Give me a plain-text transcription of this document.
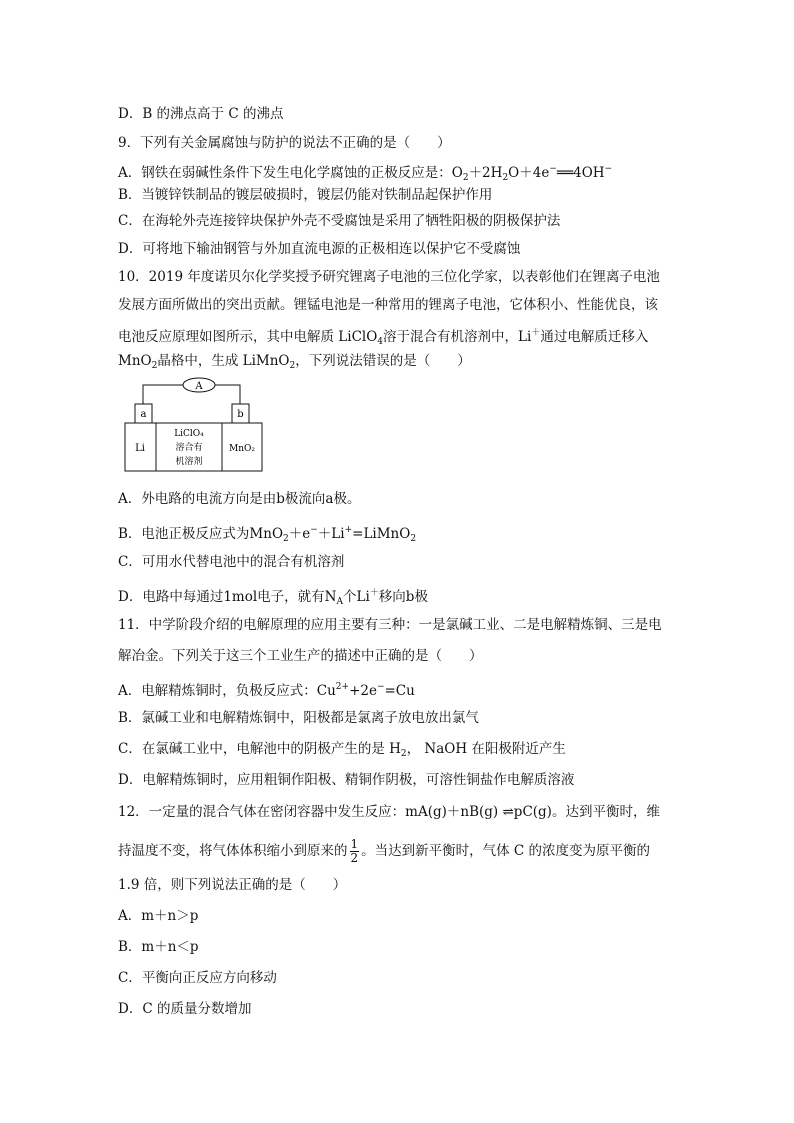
D．B 的沸点高于 C 的沸点
9．下列有关金属腐蚀与防护的说法不正确的是（　　）
A．钢铁在弱碱性条件下发生电化学腐蚀的正极反应是：$O_2+2H_2O+4e^-══4OH^-$
B．当镀锌铁制品的镀层破损时，镀层仍能对铁制品起保护作用
C．在海轮外壳连接锌块保护外壳不受腐蚀是采用了牺牲阳极的阴极保护法
D．可将地下输油钢管与外加直流电源的正极相连以保护它不受腐蚀
10．2019 年度诺贝尔化学奖授予研究锂离子电池的三位化学家，以表彰他们在锂离子电池
发展方面所做出的突出贡献。锂锰电池是一种常用的锂离子电池，它体积小、性能优良，该
电池反应原理如图所示，其中电解质 LiClO$_4$溶于混合有机溶剂中，Li＋通过电解质迁移入
MnO$_2$晶格中，生成 LiMnO$_2$，下列说法错误的是（　　）
A
a	b
Li
LiClO₄
溶合有
机溶剂
MnO₂
A．外电路的电流方向是由b极流向a极。
B．电池正极反应式为MnO$_2$＋e−＋Li+=LiMnO$_2$
C．可用水代替电池中的混合有机溶剂
D．电路中每通过1mol电子，就有$N_A$个Li＋移向b极
11．中学阶段介绍的电解原理的应用主要有三种：一是氯碱工业、二是电解精炼铜、三是电
解冶金。下列关于这三个工业生产的描述中正确的是（　　）
A．电解精炼铜时，负极反应式：$Cu^{2+}+2e^-=Cu$
B．氯碱工业和电解精炼铜中，阳极都是氯离子放电放出氯气
C．在氯碱工业中，电解池中的阴极产生的是 $H_2$， NaOH 在阳极附近产生
D．电解精炼铜时，应用粗铜作阳极、精铜作阴极，可溶性铜盐作电解质溶液
12．一定量的混合气体在密闭容器中发生反应：mA(g)＋nB(g) ⇌pC(g)。达到平衡时，维
持温度不变，将气体体积缩小到原来的 $\frac{1}{2}$ 。当达到新平衡时，气体 C 的浓度变为原平衡的
1.9 倍，则下列说法正确的是（　　）
A．m＋n＞p
B．m＋n＜p
C．平衡向正反应方向移动
D．C 的质量分数增加
